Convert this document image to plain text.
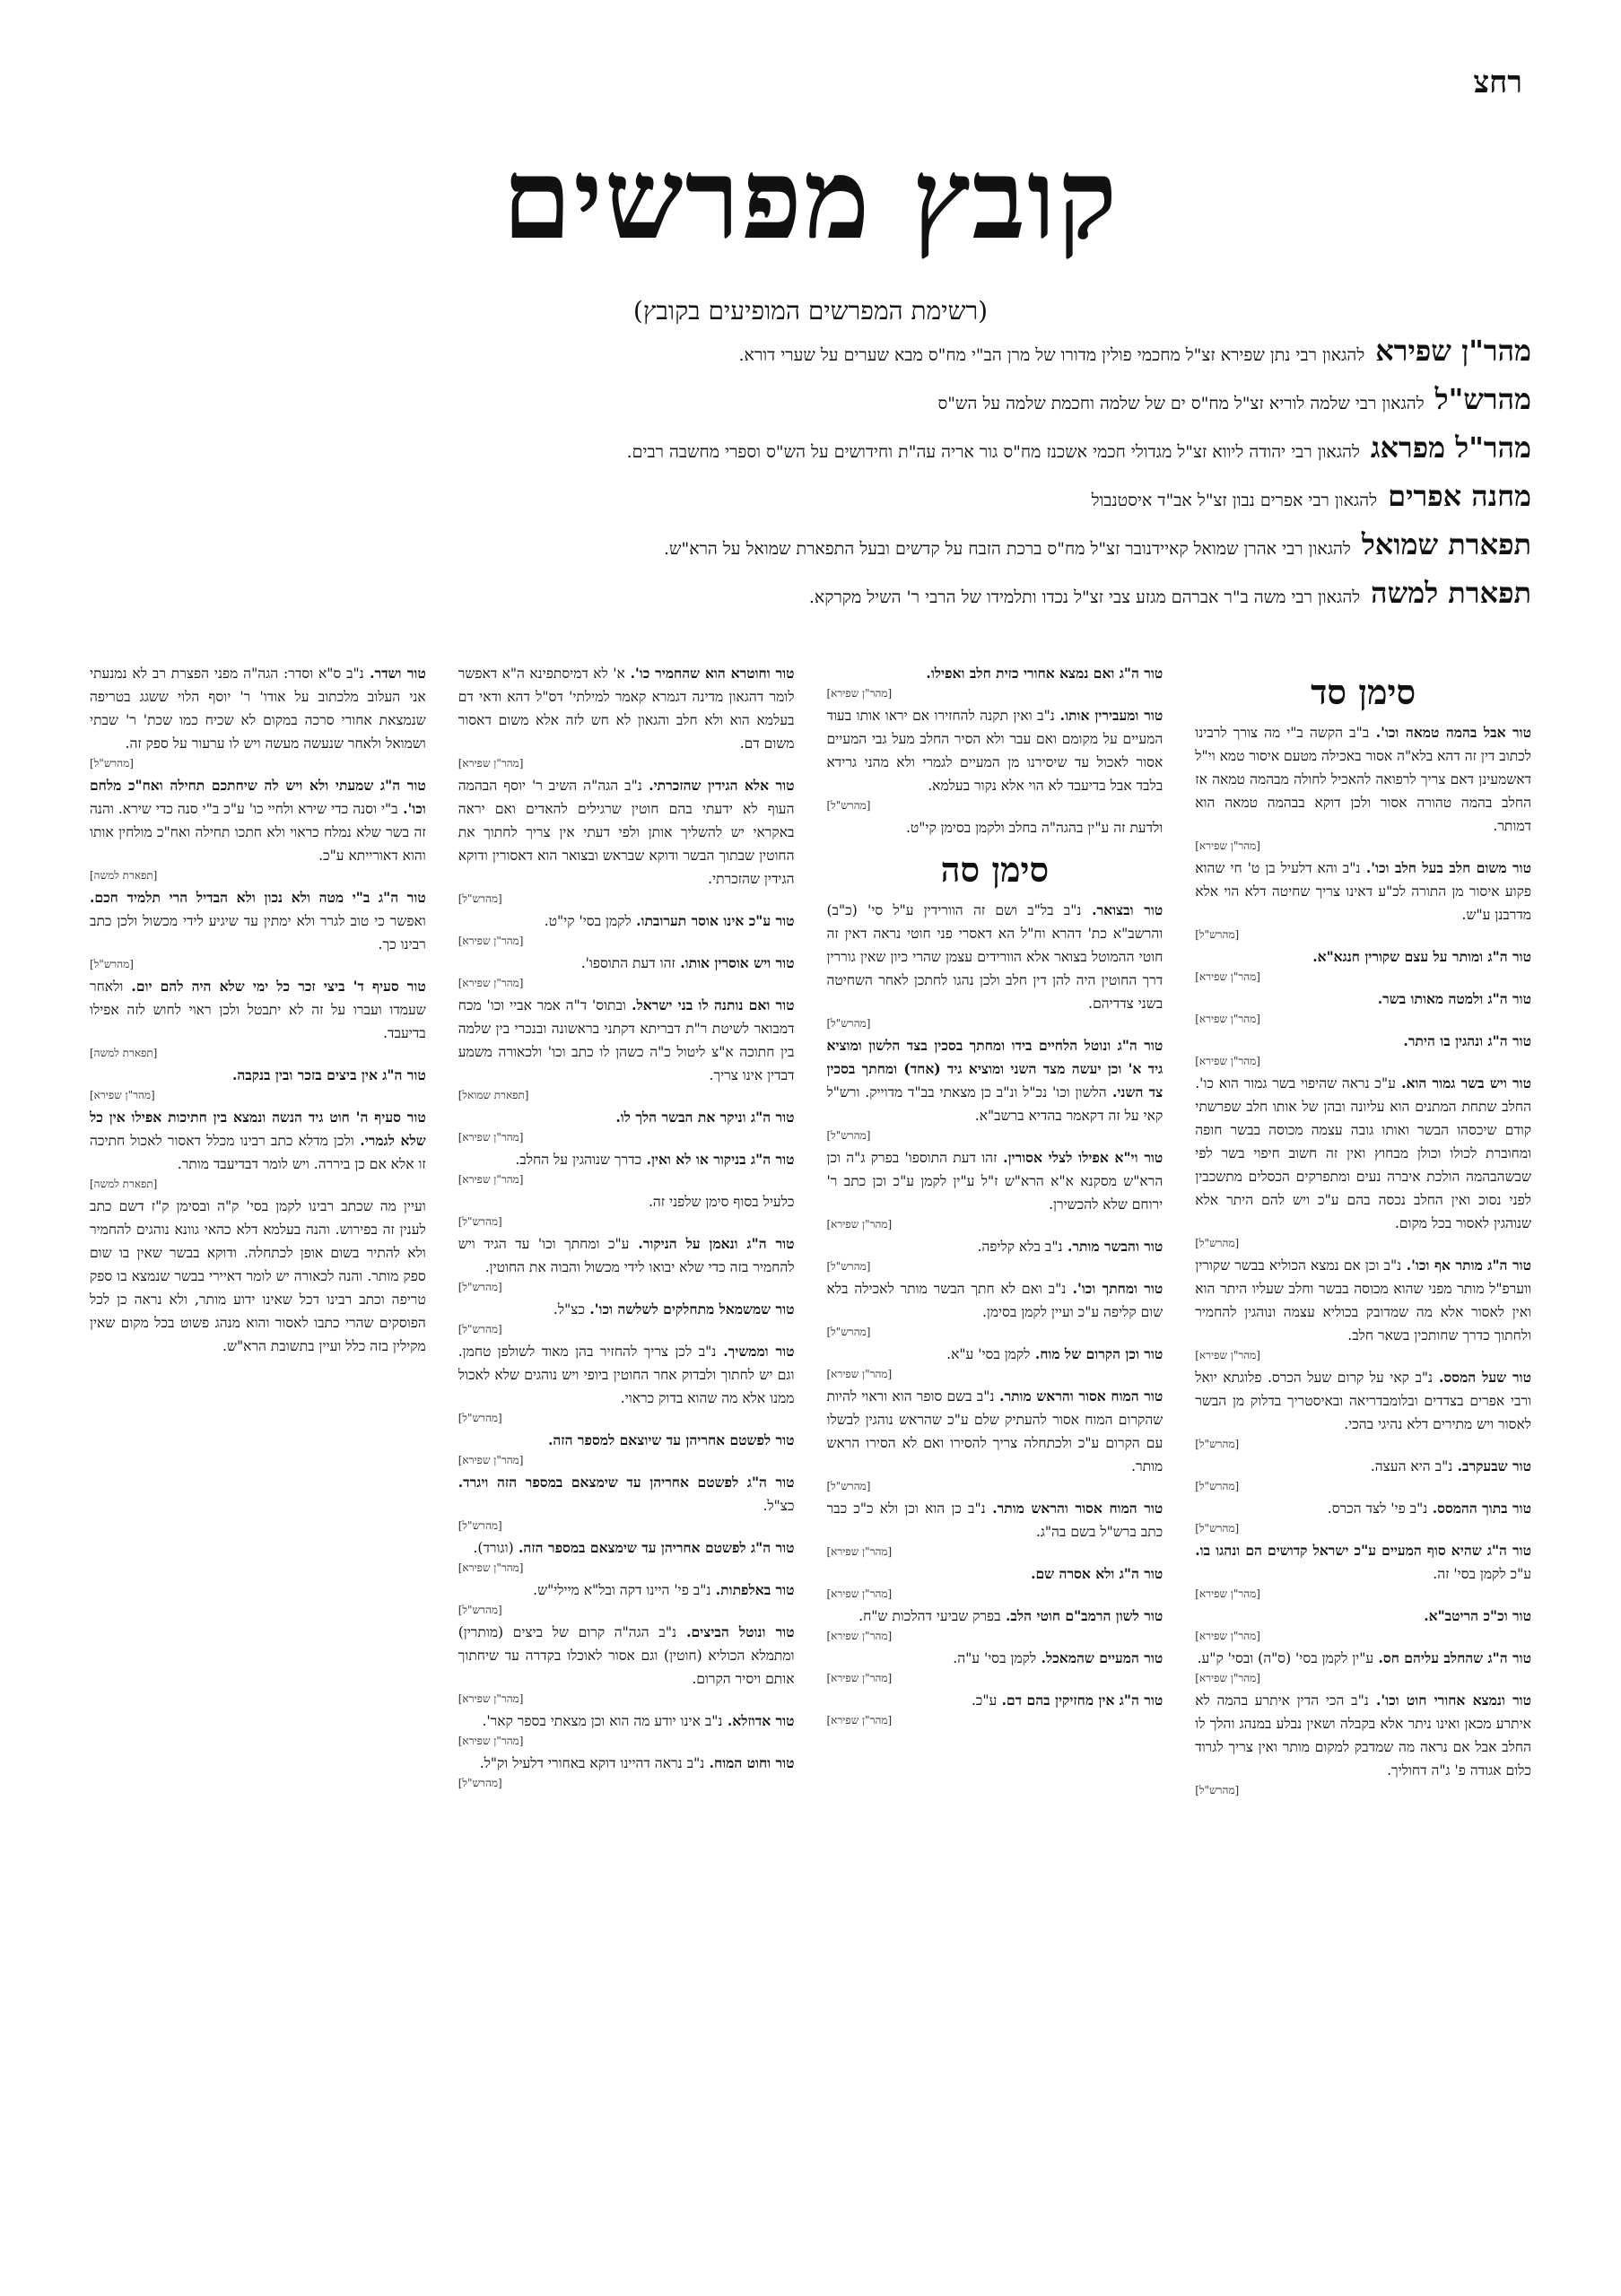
רחצ
קובץ מפרשים
(רשימת המפרשים המופיעים בקובץ)
מהר"ן שפירא
להגאון רבי נתן שפירא זצ"ל מחכמי פולין מדורו של מרן הב"י מח"ס מבא שערים על שערי דורא.
מהרש"ל
להגאון רבי שלמה לוריא זצ"ל מח"ס ים של שלמה וחכמת שלמה על הש"ס
מהר"ל מפראג
להגאון רבי יהודה ליווא זצ"ל מגדולי חכמי אשכנז מח"ס גור אריה עה"ת וחידושים על הש"ס וספרי מחשבה רבים.
מחנה אפרים
להגאון רבי אפרים נבון זצ"ל אב"ד איסטנבול
תפארת שמואל
להגאון רבי אהרן שמואל קאיידנובר זצ"ל מח"ס ברכת הזבח על קדשים ובעל התפארת שמואל על הרא"ש.
תפארת למשה
להגאון רבי משה ב"ר אברהם מגזע צבי זצ"ל נכדו ותלמידו של הרבי ר' השיל מקרקא.
סימן סד
טור אבל בהמה טמאה וכו'. ב"ב הקשה ב"י מה צורך לרבינו לכתוב דין זה דהא בלא"ה אסור באכילה מטעם איסור טמא וי"ל דאשמעינן דאם צריך לרפואה להאכיל לחולה מבהמה טמאה אז החלב בהמה טהורה אסור ולכן דוקא בבהמה טמאה הוא דמותר.
[מהר"ן שפירא]
טור משום חלב בעל חלב וכו'. נ"ב והא דלעיל בן ט' חי שהוא פקוע איסור מן התורה לכ"ע דאינו צריך שחיטה דלא הוי אלא מדרבנן ע"ש.
[מהרש"ל]
טור ה"ג ומותר על עצם שקורין חנגא"א.
[מהר"ן שפירא]
טור ה"ג ולמטה מאותו בשר.
[מהר"ן שפירא]
טור ה"ג ונהגין בו היתר.
[מהר"ן שפירא]
טור ויש בשר גמור הוא. ע"כ נראה שהיפוי בשר גמור הוא כו'. החלב שתחת המתנים הוא עליונה ובהן של אותו חלב שפרשתי קודם שיכסהו הבשר ואותו גובה עצמה מכוסה בבשר חופה ומחוברת לכולו וכולן מבחוץ ואין זה חשוב חיפוי בשר לפי שבשהבהמה הולכת איברה נעים ומתפרקים הכסלים מתשכבין לפני נסוכ ואין החלב נכסה בהם ע"כ ויש להם היתר אלא שנוהגין לאסור בכל מקום.
[מהרש"ל]
טור ה"ג מותר אף וכו'. נ"ב וכן אם נמצא הכוליא בבשר שקורין ווערפ"ל מותר מפני שהוא מכוסה בבשר וחלב שעליו היתר הוא ואין לאסור אלא מה שמדובק בכוליא עצמה ונוהגין להחמיר ולחתוך כדרך שחותכין בשאר חלב.
[מהר"ן שפירא]
טור שעל המסס. נ"ב קאי על קרום שעל הכרס. פלוגתא יואל ורבי אפרים בצדדים ובלומבדריאה ובאיסטריך בדלוק מן הבשר לאסור ויש מתירים דלא נהיגי בהכי.
[מהרש"ל]
טור שבעקרב. נ"ב היא העצה.
[מהרש"ל]
טור בתוך ההמסס. נ"ב פי' לצד הכרס.
[מהרש"ל]
טור ה"ג שהיא סוף המעיים ע"כ ישראל קדושים הם ונהגו בו. ע"כ לקמן בסי' זה.
[מהר"ן שפירא]
טור וכ"כ הריטב"א.
[מהר"ן שפירא]
טור ה"ג שהחלב עליהם חס. ע"ין לקמן בסי' (ס"ה) ובסי' ק"ע.
[מהר"ן שפירא]
טור ונמצא אחורי חוט וכו'. נ"ב הכי הדין איתרע בהמה לא איתרע מכאן ואינו ניתר אלא בקבלה ושאין נבלע במנהג והלך לו החלב אבל אם נראה מה שמדבק למקום מותר ואין צריך לגרוד כלום אגודה פ' ג"ה דחוליך.
[מהרש"ל]
טור ה"ג ואם נמצא אחורי כזית חלב ואפילו.
[מהר"ן שפירא]
טור ומעבירין אותו. נ"ב ואין תקנה להחזירו אם יראו אותו בעוד המעיים על מקומם ואם עבר ולא הסיר החלב מעל גבי המעיים אסור לאכול עד שיסירנו מן המעיים לגמרי ולא מהני גרידא בלבד אבל בדיעבד לא הוי אלא נקור בעלמא.
[מהרש"ל]
ולדעת זה ע"ין בהגה"ה בחלב ולקמן בסימן קי"ט.
סימן סה
טור ובצואר. נ"ב בל"ב ושם זה הוורידין ע"ל סי' (כ"ב) והרשב"א כת' דהרא וח"ל הא דאסרי פני חוטי נראה דאין זה חוטי ההמוטל בצואר אלא הוורידים עצמן שהרי כיון שאין גוררין דרך החוטין היה להן דין חלב ולכן נהגו לחתכן לאחר השחיטה בשני צדדיהם.
[מהרש"ל]
טור ה"ג ונוטל הלחיים בידו ומחתך בסכין בצד הלשון ומוציא גיד א' וכן יעשה מצד השני ומוציא גיד (אחד) ומחתך בסכין צד השני. הלשון וכו' נכ"ל ונ"ב כן מצאתי בב"ד מדוייק. ורש"ל קאי על זה דקאמר בהדיא ברשב"א.
[מהרש"ל]
טור וי"א אפילו לצלי אסורין. זהו דעת התוספו' בפרק ג"ה וכן הרא"ש מסקנא א"א הרא"ש ז"ל ע"ין לקמן ע"כ וכן כתב ר' ירוחם שלא להכשירן.
[מהר"ן שפירא]
טור והבשר מותר. נ"ב בלא קליפה.
[מהרש"ל]
טור ומחתך וכו'. נ"ב ואם לא חתך הבשר מותר לאכילה בלא שום קליפה ע"כ ועיין לקמן בסימן.
[מהרש"ל]
טור וכן הקרום של מוח. לקמן בסי' ע"א.
[מהר"ן שפירא]
טור המוח אסור והראש מותר. נ"ב בשם סופר הוא וראוי להיות שהקרום המוח אסור להעתיק שלם ע"כ שהראש נוהגין לבשלו עם הקרום ע"כ ולכתחלה צריך להסירו ואם לא הסירו הראש מותר.
[מהרש"ל]
טור המוח אסור והראש מותר. נ"ב כן הוא וכן ולא כ"כ כבר כתב ברש"ל בשם בה"ג.
[מהר"ן שפירא]
טור ה"ג ולא אסרה שם.
[מהר"ן שפירא]
טור לשון הרמב"ם חוטי הלב. בפרק שביעי דהלכות ש"ח.
[מהר"ן שפירא]
טור המעיים שהמאכל. לקמן בסי' ע"ה.
[מהר"ן שפירא]
טור ה"ג אין מחזיקין בהם דם. ע"כ.
[מהר"ן שפירא]
טור וחוטרא הוא שהחמיר כו'. א' לא דמיסתפינא ה"א דאפשר לומר דהגאון מדינה דגמרא קאמר למילתי' דס"ל דהא ודאי דם בעלמא הוא ולא חלב והגאון לא חש לזה אלא משום דאסור משום דם.
[מהר"ן שפירא]
טור אלא הגידין שהזכרתי. נ"ב הגה"ה השיב ר' יוסף הבהמה העוף לא ידעתי בהם חוטין שרגילים להאדים ואם יראה באקראי יש להשליך אותן ולפי דעתי אין צריך לחתוך את החוטין שבתוך הבשר ודוקא שבראש ובצואר הוא דאסורין ודוקא הגידין שהזכרתי.
[מהרש"ל]
טור ע"כ אינו אוסר תערובתו. לקמן בסי' קי"ט.
[מהר"ן שפירא]
טור ויש אוסרין אותו. זהו דעת התוספו'.
[מהר"ן שפירא]
טור ואם נותנה לו בני ישראל. ובתוס' ד"ה אמר אביי וכו' מכח דמבואר לשיטת ר"ת דבריתא דקתני בראשונה ובנכרי בין שלמה בין חתוכה א"צ ליטול כ"ה כשהן לו כתב וכו' ולכאורה משמע דבדין אינו צריך.
[תפארת שמואל]
טור ה"ג וניקר את הבשר הלך לו.
[מהר"ן שפירא]
טור ה"ג בניקור או לא ואין. כדרך שנוהגין על החלב.
[מהר"ן שפירא]
כלעיל בסוף סימן שלפני זה.
[מהרש"ל]
טור ה"ג ונאמן על הניקור. ע"כ ומחתך וכו' עד הגיד ויש להחמיר בזה כדי שלא יבואו לידי מכשול והבוה את החוטין.
[מהרש"ל]
טור שמשמאל מתחלקים לשלשה וכו'. כצ"ל.
[מהרש"ל]
טור וממשיך. נ"ב לכן צריך להחזיר בהן מאוד לשולפן טחמן. וגם יש לחתוך ולבדוק אחר החוטין ביופי ויש נוהגים שלא לאכול ממנו אלא מה שהוא בדוק כראוי.
[מהרש"ל]
טור לפשטם אחריהן עד שיוצאם למספר הזה.
[מהר"ן שפירא]
טור ה"ג לפשטם אחריהן עד שימצאם במספר הזה ויגרד. כצ"ל.
[מהרש"ל]
טור ה"ג לפשטם אחריהן עד שימצאם במספר הזה. (וגורד).
[מהר"ן שפירא]
טור באלפתות. נ"ב פי' היינו דקה ובל"א מיילי"ש.
[מהרש"ל]
טור ונוטל הביצים. נ"ב הגה"ה קרום של ביצים (מותרין) ומתמלא הכוליא (חוטין) וגם אסור לאוכלו בקדרה עד שיחתוך אותם ויסיר הקרום.
[מהר"ן שפירא]
טור אדוזלא. נ"ב אינו יודע מה הוא וכן מצאתי בספר קאר'.
[מהר"ן שפירא]
טור וחוט המוח. נ"ב נראה דהיינו דוקא באחורי דלעיל וק"ל.
[מהרש"ל]
טור ושדר. נ"ב ס"א וסדר: הגה"ה מפני הפצרת רב לא נמנעתי אני העלוב מלכתוב על אודו' ר' יוסף הלוי ששגג בטריפה שנמצאת אחורי סרכה במקום לא שכיח כמו שכת' ר' שבתי ושמואל ולאחר שנעשה מעשה ויש לו ערעור על ספק זה.
[מהרש"ל]
טור ה"ג שמעתי ולא ויש לה שיחתכם תחילה ואח"כ מלחם וכו'. ב"י וסנה כדי שירא ולחיי כו' ע"כ ב"י סנה כדי שירא. והנה זה בשר שלא נמלח כראוי ולא חתכו תחילה ואח"כ מולחין אותו והוא דאורייתא ע"כ.
[תפארת למשה]
טור ה"ג ב"י מטה ולא נכון ולא הבדיל הרי תלמיד חכם. ואפשר כי טוב לגרר ולא ימתין עד שיגיע לידי מכשול ולכן כתב רבינו כך.
[מהרש"ל]
טור סעיף ד' ביצי זכר כל ימי שלא היה להם יום. ולאחר שעמדו ועברו על זה לא יתבטל ולכן ראוי לחוש לזה אפילו בדיעבד.
[תפארת למשה]
טור ה"ג אין ביצים בזכר ובין בנקבה.
[מהר"ן שפירא]
טור סעיף ה' חוט גיד הנשה ונמצא בין חתיכות אפילו אין כל שלא לגמרי. ולכן מדלא כתב רבינו מכלל דאסור לאכול חתיכה זו אלא אם כן ביררה. ויש לומר דבדיעבד מותר.
[תפארת למשה]
ועיין מה שכתב רבינו לקמן בסי' ק"ה ובסימן ק"ז דשם כתב לענין זה בפירוש. והנה בעלמא דלא כהאי גוונא נוהגים להחמיר ולא להתיר בשום אופן לכתחלה. ודוקא בבשר שאין בו שום ספק מותר. והנה לכאורה יש לומר דאיירי בבשר שנמצא בו ספק טריפה וכתב רבינו דכל שאינו ידוע מותר, ולא נראה כן לכל הפוסקים שהרי כתבו לאסור והוא מנהג פשוט בכל מקום שאין מקילין בזה כלל ועיין בתשובת הרא"ש.
